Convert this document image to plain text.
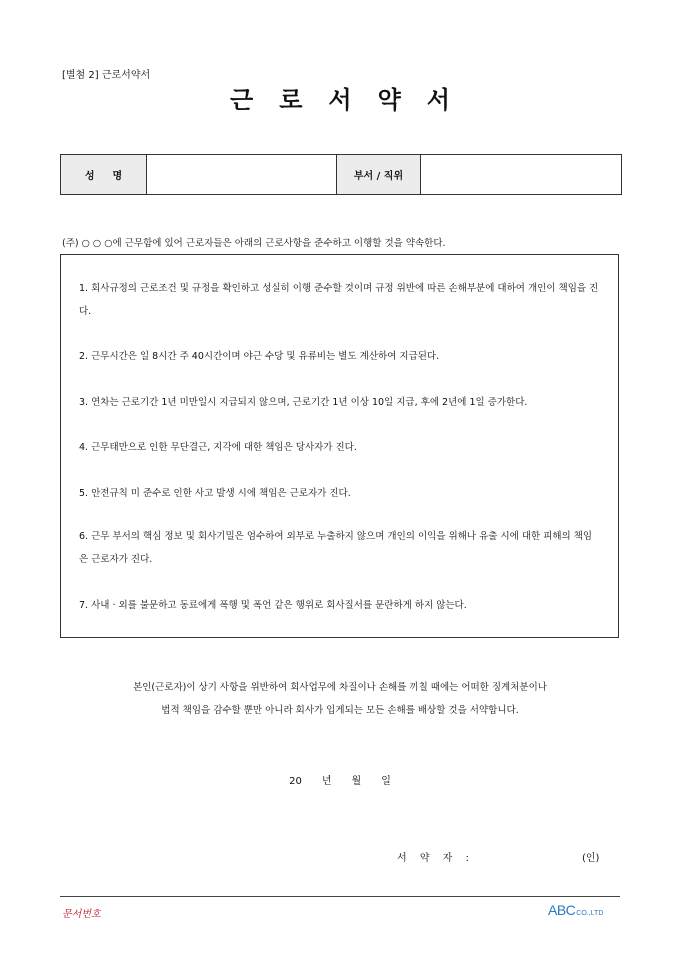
[별첨 2] 근로서약서
근로서약서
성명		부서 / 직위	
(주) ○ ○ ○에 근무함에 있어 근로자들은 아래의 근로사항을 준수하고 이행할 것을 약속한다.
1. 회사규정의 근로조건 및 규정을 확인하고 성실히 이행 준수할 것이며 규정 위반에 따른 손해부분에 대하여 개인이 책임을 진다.
2. 근무시간은 일 8시간 주 40시간이며 야근 수당 및 유류비는 별도 계산하여 지급된다.
3. 연차는 근로기간 1년 미만일시 지급되지 않으며, 근로기간 1년 이상 10일 지급, 후에 2년에 1일 증가한다.
4. 근무태만으로 인한 무단결근, 지각에 대한 책임은 당사자가 진다.
5. 안전규칙 미 준수로 인한 사고 발생 시에 책임은 근로자가 진다.
6. 근무 부서의 핵심 정보 및 회사기밀은 엄수하여 외부로 누출하지 않으며 개인의 이익을 위해나 유출 시에 대한 피해의 책임은 근로자가 진다.
7. 사내 · 외를 불문하고 동료에게 폭행 및 폭언 같은 행위로 회사질서를 문란하게 하지 않는다.
본인(근로자)이 상기 사항을 위반하여 회사업무에 차질이나 손해를 끼칠 때에는 어떠한 징계처분이나
법적 책임을 감수할 뿐만 아니라 회사가 입게되는 모든 손해를 배상할 것을 서약합니다.
20 년 월 일
서 약 자 :	(인)
문서번호	ABCCO.,LTD
